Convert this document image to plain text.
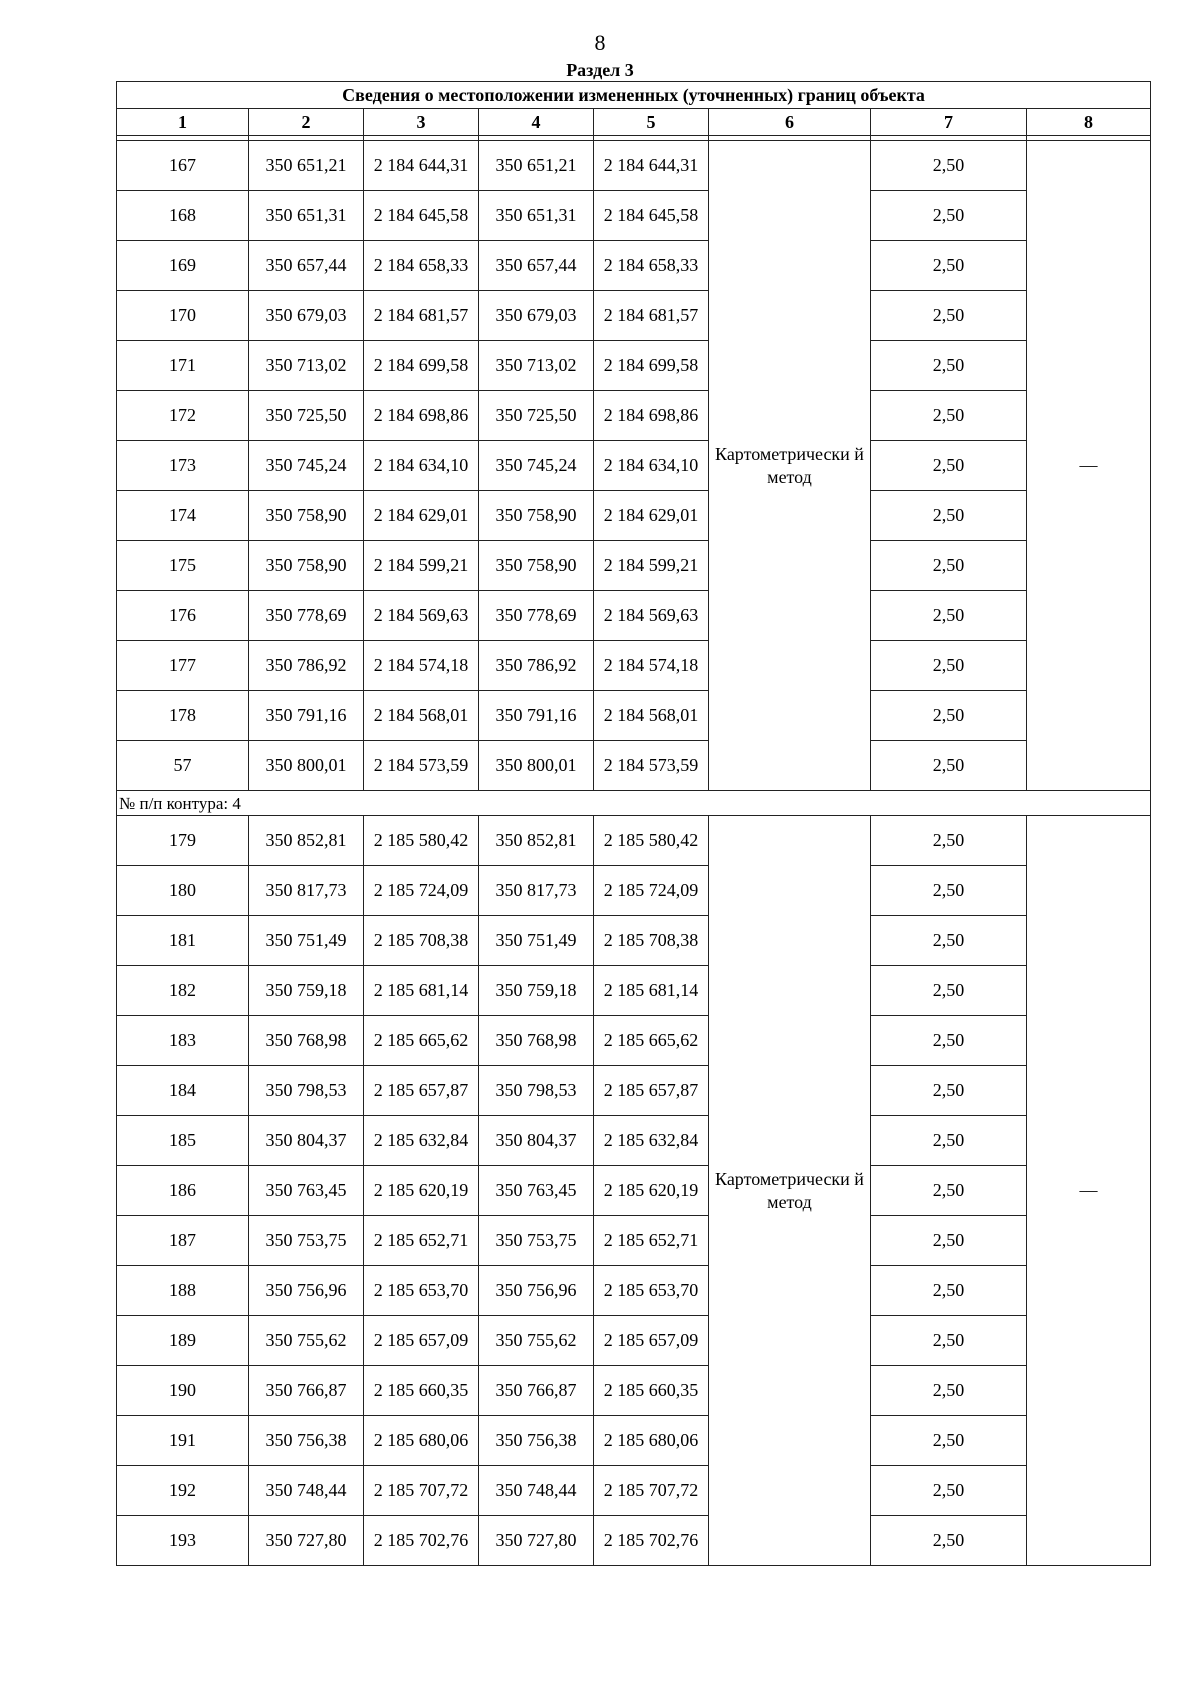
8
Раздел 3
Сведения о местоположении измененных (уточненных) границ объекта							
1	2	3	4	5	6	7	8

167	350 651,21	2 184 644,31	350 651,21	2 184 644,31	Картометрически й метод	2,50	—
168	350 651,31	2 184 645,58	350 651,31	2 184 645,58		2,50	
169	350 657,44	2 184 658,33	350 657,44	2 184 658,33		2,50	
170	350 679,03	2 184 681,57	350 679,03	2 184 681,57		2,50	
171	350 713,02	2 184 699,58	350 713,02	2 184 699,58		2,50	
172	350 725,50	2 184 698,86	350 725,50	2 184 698,86		2,50	
173	350 745,24	2 184 634,10	350 745,24	2 184 634,10		2,50	
174	350 758,90	2 184 629,01	350 758,90	2 184 629,01		2,50	
175	350 758,90	2 184 599,21	350 758,90	2 184 599,21		2,50	
176	350 778,69	2 184 569,63	350 778,69	2 184 569,63		2,50	
177	350 786,92	2 184 574,18	350 786,92	2 184 574,18		2,50	
178	350 791,16	2 184 568,01	350 791,16	2 184 568,01		2,50	
57	350 800,01	2 184 573,59	350 800,01	2 184 573,59		2,50	
№ п/п контура: 4							
179	350 852,81	2 185 580,42	350 852,81	2 185 580,42	Картометрически й метод	2,50	—
180	350 817,73	2 185 724,09	350 817,73	2 185 724,09		2,50	
181	350 751,49	2 185 708,38	350 751,49	2 185 708,38		2,50	
182	350 759,18	2 185 681,14	350 759,18	2 185 681,14		2,50	
183	350 768,98	2 185 665,62	350 768,98	2 185 665,62		2,50	
184	350 798,53	2 185 657,87	350 798,53	2 185 657,87		2,50	
185	350 804,37	2 185 632,84	350 804,37	2 185 632,84		2,50	
186	350 763,45	2 185 620,19	350 763,45	2 185 620,19		2,50	
187	350 753,75	2 185 652,71	350 753,75	2 185 652,71		2,50	
188	350 756,96	2 185 653,70	350 756,96	2 185 653,70		2,50	
189	350 755,62	2 185 657,09	350 755,62	2 185 657,09		2,50	
190	350 766,87	2 185 660,35	350 766,87	2 185 660,35		2,50	
191	350 756,38	2 185 680,06	350 756,38	2 185 680,06		2,50	
192	350 748,44	2 185 707,72	350 748,44	2 185 707,72		2,50	
193	350 727,80	2 185 702,76	350 727,80	2 185 702,76		2,50	
